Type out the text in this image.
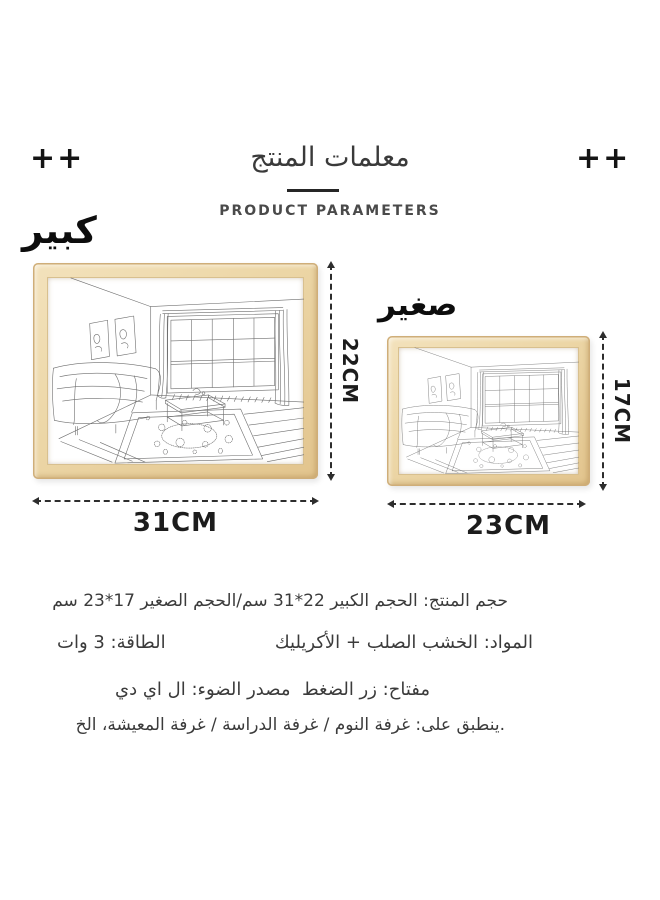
++	++
معلمات المنتج
PRODUCT PARAMETERS
كبير
22CM
31CM
صغير
17CM
23CM
حجم المنتج: الحجم الكبير 22*31 سم/الحجم الصغير 17*23 سم
المواد: الخشب الصلب + الأكريليك
الطاقة: 3 وات
مفتاح: زر الضغط
مصدر الضوء: ال اي دي
.ينطبق على: غرفة النوم / غرفة الدراسة / غرفة المعيشة، الخ
